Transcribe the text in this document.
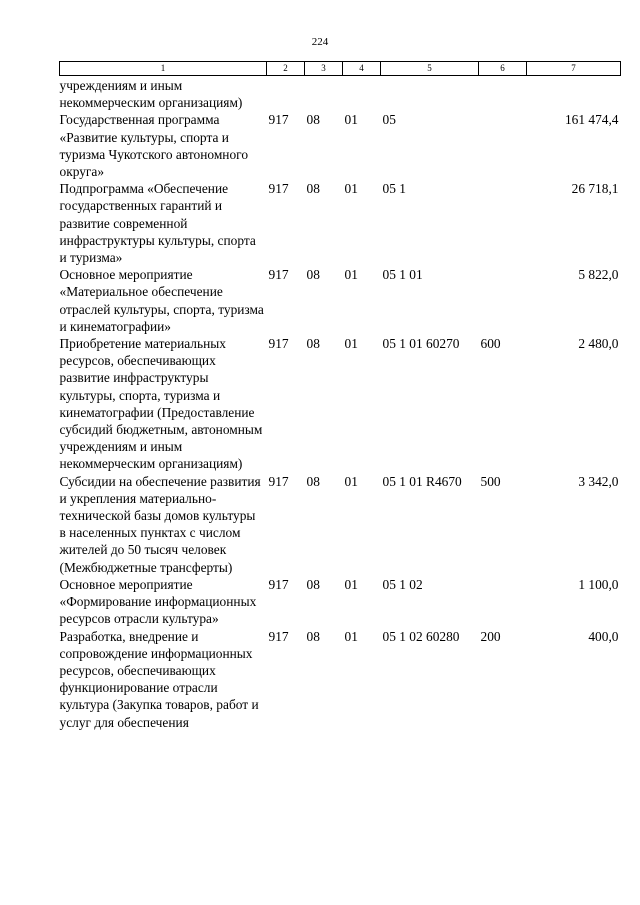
224
1	2	3	4	5	6	7
учреждениям и иным некоммерческим организациям)						
Государственная программа «Развитие культуры, спорта и туризма Чукотского автономного округа»	917	08	01	05		161 474,4
Подпрограмма «Обеспечение государственных гарантий и развитие современной инфраструктуры культуры, спорта и туризма»	917	08	01	05 1		26 718,1
Основное мероприятие «Материальное обеспечение отраслей культуры, спорта, туризма и кинематографии»	917	08	01	05 1 01		5 822,0
Приобретение материальных ресурсов, обеспечивающих развитие инфраструктуры культуры, спорта, туризма и кинематографии (Предоставление субсидий бюджетным, автономным учреждениям и иным некоммерческим организациям)	917	08	01	05 1 01 60270	600	2 480,0
Субсидии на обеспечение развития и укрепления материально-технической базы домов культуры в населенных пунктах с числом жителей до 50 тысяч человек (Межбюджетные трансферты)	917	08	01	05 1 01 R4670	500	3 342,0
Основное мероприятие «Формирование информационных ресурсов отрасли культура»	917	08	01	05 1 02		1 100,0
Разработка, внедрение и сопровождение информационных ресурсов, обеспечивающих функционирование отрасли культура (Закупка товаров, работ и услуг для обеспечения	917	08	01	05 1 02 60280	200	400,0
